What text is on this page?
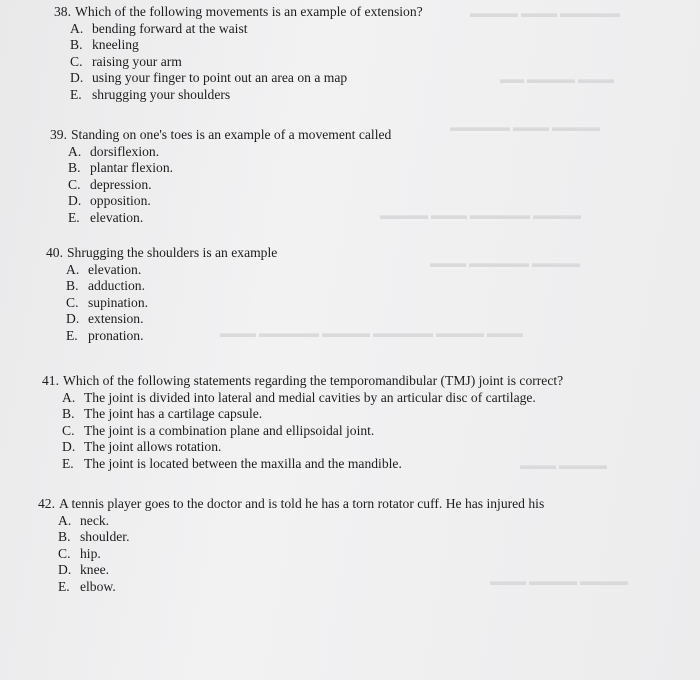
▬▬▬▬▬ ▬▬▬ ▬▬▬▬
▬▬▬ ▬▬▬▬ ▬▬
▬▬▬▬ ▬▬▬ ▬▬▬▬▬
▬▬▬▬ ▬▬▬▬▬ ▬▬▬ ▬▬▬▬
▬▬▬▬ ▬▬▬▬▬ ▬▬▬
▬▬▬ ▬▬▬▬ ▬▬▬▬▬ ▬▬▬▬ ▬▬▬▬▬ ▬▬▬
▬▬▬▬ ▬▬▬
▬▬▬▬ ▬▬▬▬ ▬▬▬
38. Which of the following movements is an example of extension?
A. bending forward at the waist
B. kneeling
C. raising your arm
D. using your finger to point out an area on a map
E. shrugging your shoulders
39. Standing on one's toes is an example of a movement called
A. dorsiflexion.
B. plantar flexion.
C. depression.
D. opposition.
E. elevation.
40. Shrugging the shoulders is an example
A. elevation.
B. adduction.
C. supination.
D. extension.
E. pronation.
41. Which of the following statements regarding the temporomandibular (TMJ) joint is correct?
A. The joint is divided into lateral and medial cavities by an articular disc of cartilage.
B. The joint has a cartilage capsule.
C. The joint is a combination plane and ellipsoidal joint.
D. The joint allows rotation.
E. The joint is located between the maxilla and the mandible.
42. A tennis player goes to the doctor and is told he has a torn rotator cuff. He has injured his
A. neck.
B. shoulder.
C. hip.
D. knee.
E. elbow.
